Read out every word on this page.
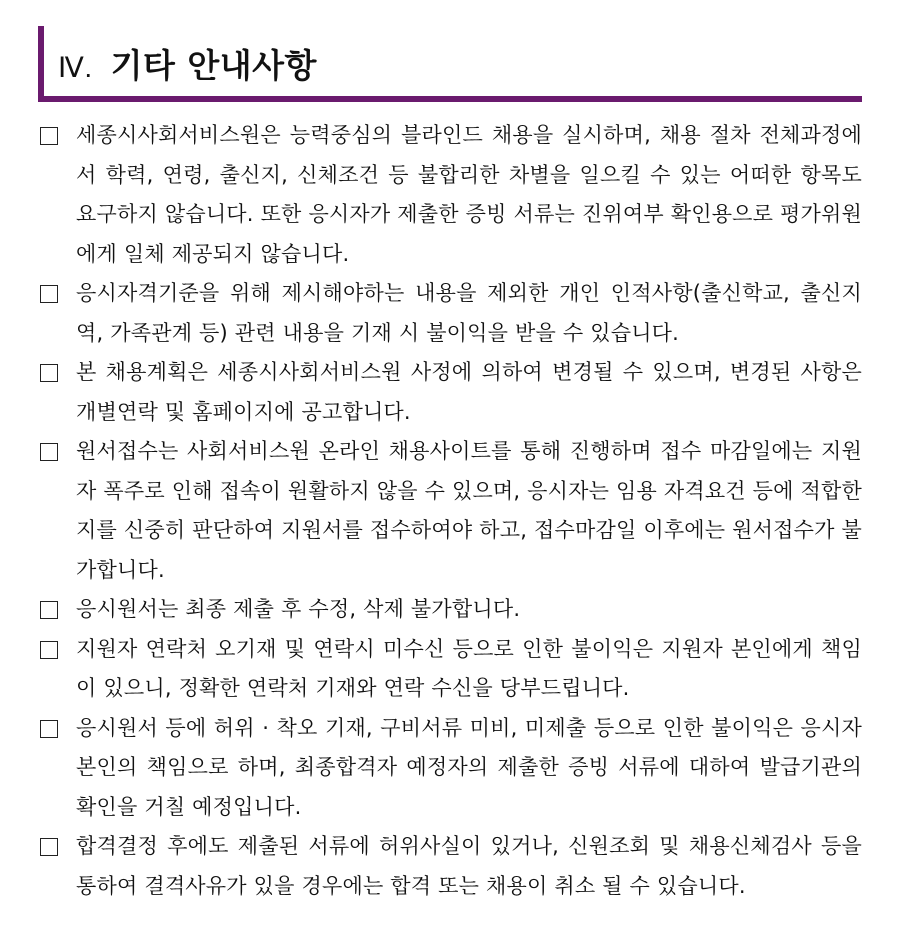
Ⅳ. 기타 안내사항
세종시사회서비스원은 능력중심의 블라인드 채용을 실시하며, 채용 절차 전체과정에서 학력, 연령, 출신지, 신체조건 등 불합리한 차별을 일으킬 수 있는 어떠한 항목도 요구하지 않습니다. 또한 응시자가 제출한 증빙 서류는 진위여부 확인용으로 평가위원에게 일체 제공되지 않습니다.
응시자격기준을 위해 제시해야하는 내용을 제외한 개인 인적사항(출신학교, 출신지역, 가족관계 등) 관련 내용을 기재 시 불이익을 받을 수 있습니다.
본 채용계획은 세종시사회서비스원 사정에 의하여 변경될 수 있으며, 변경된 사항은 개별연락 및 홈페이지에 공고합니다.
원서접수는 사회서비스원 온라인 채용사이트를 통해 진행하며 접수 마감일에는 지원자 폭주로 인해 접속이 원활하지 않을 수 있으며, 응시자는 임용 자격요건 등에 적합한지를 신중히 판단하여 지원서를 접수하여야 하고, 접수마감일 이후에는 원서접수가 불가합니다.
응시원서는 최종 제출 후 수정, 삭제 불가합니다.
지원자 연락처 오기재 및 연락시 미수신 등으로 인한 불이익은 지원자 본인에게 책임이 있으니, 정확한 연락처 기재와 연락 수신을 당부드립니다.
응시원서 등에 허위 · 착오 기재, 구비서류 미비, 미제출 등으로 인한 불이익은 응시자 본인의 책임으로 하며, 최종합격자 예정자의 제출한 증빙 서류에 대하여 발급기관의 확인을 거칠 예정입니다.
합격결정 후에도 제출된 서류에 허위사실이 있거나, 신원조회 및 채용신체검사 등을 통하여 결격사유가 있을 경우에는 합격 또는 채용이 취소 될 수 있습니다.
